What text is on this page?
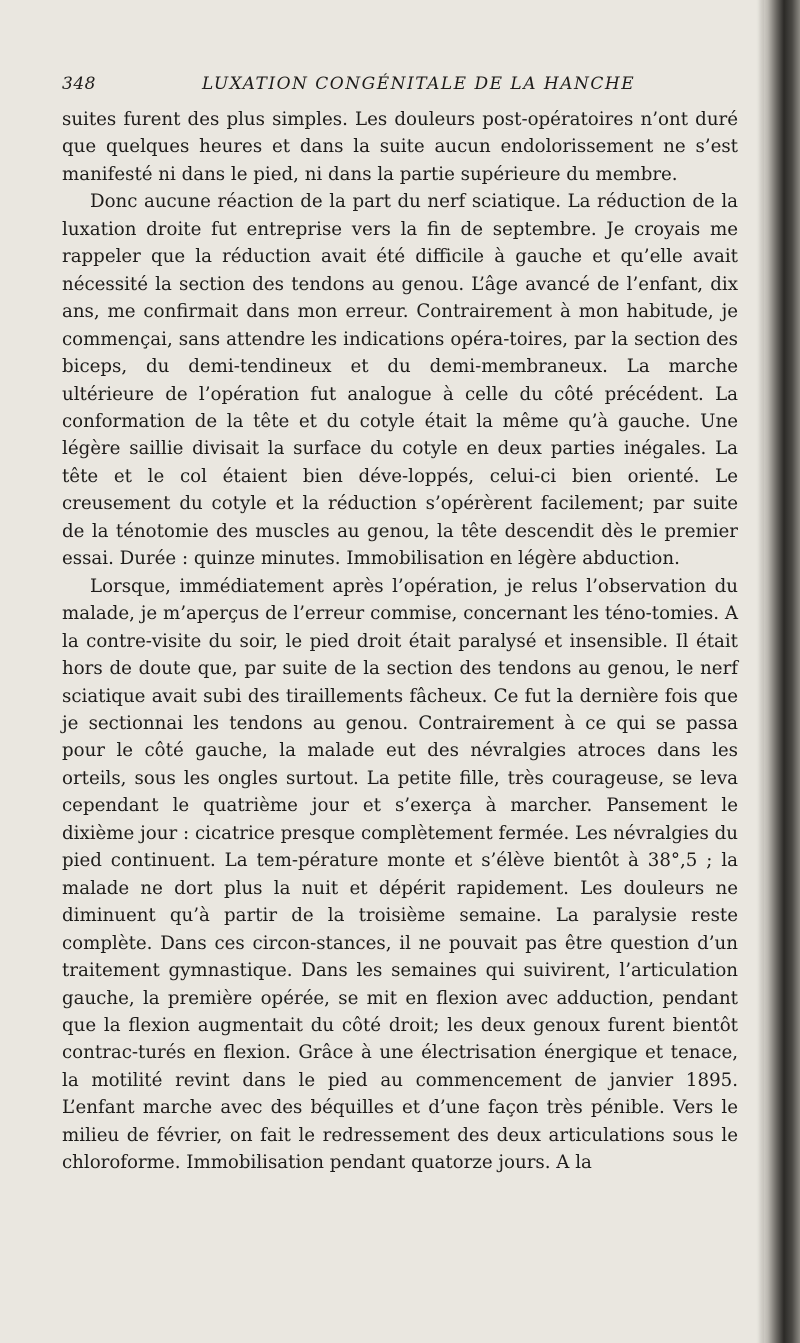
348	LUXATION CONGÉNITALE DE LA HANCHE

suites furent des plus simples. Les douleurs post-opératoires n’ont duré que quelques heures et dans la suite aucun endolorissement ne s’est manifesté ni dans le pied, ni dans la partie supérieure du membre.

Donc aucune réaction de la part du nerf sciatique. La réduction de la luxation droite fut entreprise vers la fin de septembre. Je croyais me rappeler que la réduction avait été difficile à gauche et qu’elle avait nécessité la section des tendons au genou. L’âge avancé de l’enfant, dix ans, me confirmait dans mon erreur. Contrairement à mon habitude, je commençai, sans attendre les indications opéra-toires, par la section des biceps, du demi-tendineux et du demi-membraneux. La marche ultérieure de l’opération fut analogue à celle du côté précédent. La conformation de la tête et du cotyle était la même qu’à gauche. Une légère saillie divisait la surface du cotyle en deux parties inégales. La tête et le col étaient bien déve-loppés, celui-ci bien orienté. Le creusement du cotyle et la réduction s’opérèrent facilement; par suite de la ténotomie des muscles au genou, la tête descendit dès le premier essai. Durée : quinze minutes. Immobilisation en légère abduction.

Lorsque, immédiatement après l’opération, je relus l’observation du malade, je m’aperçus de l’erreur commise, concernant les téno-tomies. A la contre-visite du soir, le pied droit était paralysé et insensible. Il était hors de doute que, par suite de la section des tendons au genou, le nerf sciatique avait subi des tiraillements fâcheux. Ce fut la dernière fois que je sectionnai les tendons au genou. Contrairement à ce qui se passa pour le côté gauche, la malade eut des névralgies atroces dans les orteils, sous les ongles surtout. La petite fille, très courageuse, se leva cependant le quatrième jour et s’exerça à marcher. Pansement le dixième jour : cicatrice presque complètement fermée. Les névralgies du pied continuent. La tem-pérature monte et s’élève bientôt à 38°,5 ; la malade ne dort plus la nuit et dépérit rapidement. Les douleurs ne diminuent qu’à partir de la troisième semaine. La paralysie reste complète. Dans ces circon-stances, il ne pouvait pas être question d’un traitement gymnastique. Dans les semaines qui suivirent, l’articulation gauche, la première opérée, se mit en flexion avec adduction, pendant que la flexion augmentait du côté droit; les deux genoux furent bientôt contrac-turés en flexion. Grâce à une électrisation énergique et tenace, la motilité revint dans le pied au commencement de janvier 1895. L’enfant marche avec des béquilles et d’une façon très pénible. Vers le milieu de février, on fait le redressement des deux articulations sous le chloroforme. Immobilisation pendant quatorze jours. A la
